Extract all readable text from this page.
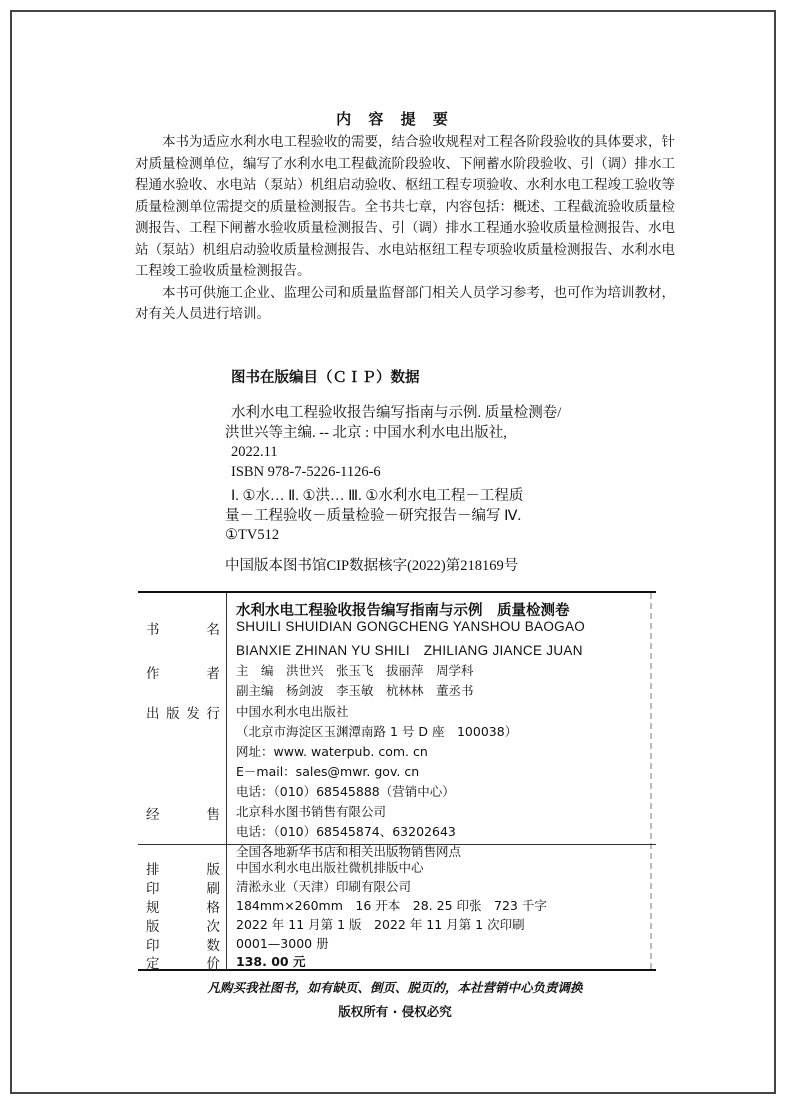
内 容 提 要

本书为适应水利水电工程验收的需要，结合验收规程对工程各阶段验收的具体要求，针对质量检测单位，编写了水利水电工程截流阶段验收、下闸蓄水阶段验收、引（调）排水工程通水验收、水电站（泵站）机组启动验收、枢纽工程专项验收、水利水电工程竣工验收等质量检测单位需提交的质量检测报告。全书共七章，内容包括：概述、工程截流验收质量检测报告、工程下闸蓄水验收质量检测报告、引（调）排水工程通水验收质量检测报告、水电站（泵站）机组启动验收质量检测报告、水电站枢纽工程专项验收质量检测报告、水利水电工程竣工验收质量检测报告。

本书可供施工企业、监理公司和质量监督部门相关人员学习参考，也可作为培训教材，对有关人员进行培训。

图书在版编目（ＣＩＰ）数据
水利水电工程验收报告编写指南与示例. 质量检测卷/
洪世兴等主编. -- 北京 : 中国水利水电出版社,
2022.11
ISBN 978-7-5226-1126-6
Ⅰ. ①水… Ⅱ. ①洪… Ⅲ. ①水利水电工程－工程质
量－工程验收－质量检验－研究报告－编写 Ⅳ.
①TV512
中国版本图书馆CIP数据核字(2022)第218169号
书　　名
水利水电工程验收报告编写指南与示例　质量检测卷
SHUILI SHUIDIAN GONGCHENG YANSHOU BAOGAO
BIANXIE ZHINAN YU SHILI　ZHILIANG JIANCE JUAN
作　　者 主　编　洪世兴　张玉飞　拔丽萍　周学科
副主编　杨剑波　李玉敏　杭林林　董丞书
出版发行 中国水利水电出版社
（北京市海淀区玉渊潭南路 1 号 D 座　100038）
网址：www. waterpub. com. cn
E－mail：sales@mwr. gov. cn
电话：（010）68545888（营销中心）
经　　售 北京科水图书销售有限公司
电话：（010）68545874、63202643
全国各地新华书店和相关出版物销售网点
排　　版 中国水利水电出版社微机排版中心
印　　刷 清淞永业（天津）印刷有限公司
规　　格 184mm×260mm　16 开本　28. 25 印张　723 千字
版　　次 2022 年 11 月第 1 版　2022 年 11 月第 1 次印刷
印　　数 0001—3000 册
定　　价 138. 00 元
凡购买我社图书，如有缺页、倒页、脱页的，本社营销中心负责调换
版权所有 · 侵权必究
